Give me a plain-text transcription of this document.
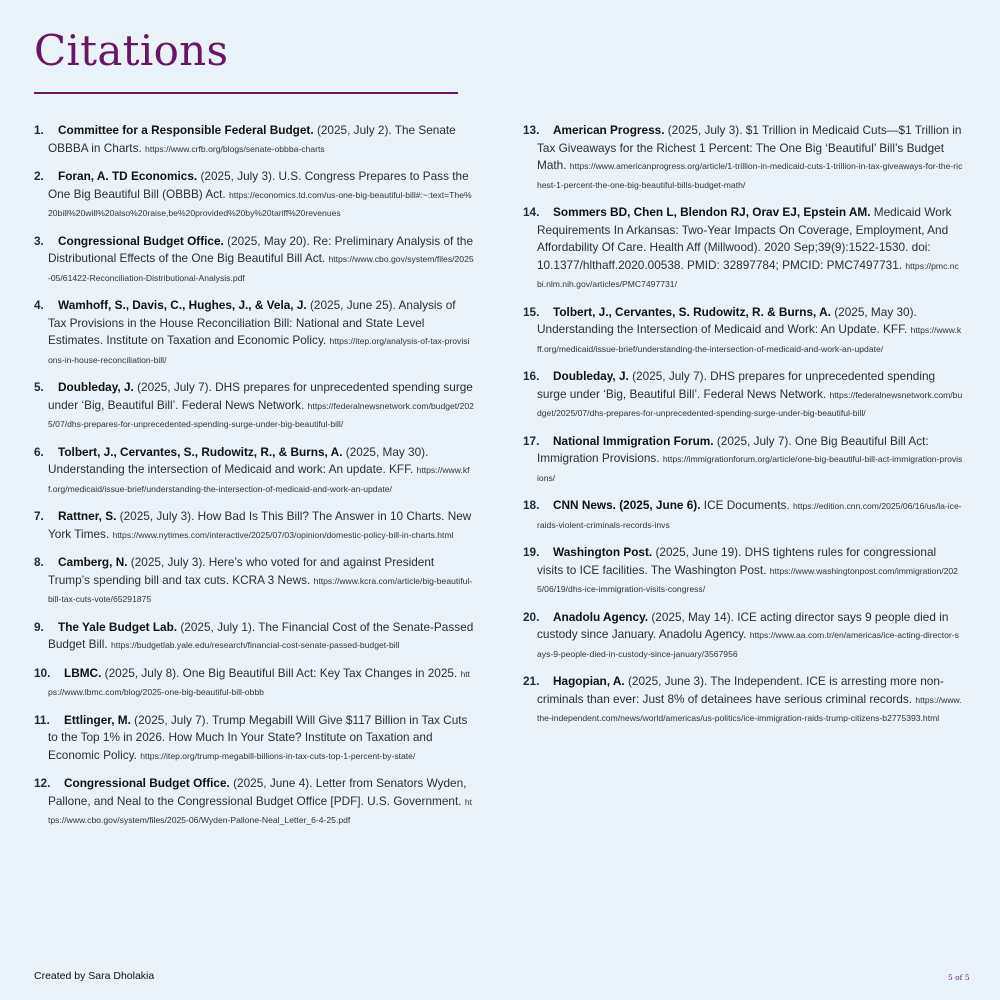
Citations
1.	Committee for a Responsible Federal Budget. (2025, July 2). The Senate OBBBA in Charts. https://www.crfb.org/blogs/senate-obbba-charts
2.	Foran, A. TD Economics. (2025, July 3). U.S. Congress Prepares to Pass the One Big Beautiful Bill (OBBB) Act. https://economics.td.com/us-one-big-beautiful-bill#:~:text=The%20bill%20will%20also%20raise,be%20provided%20by%20tariff%20revenues
3.	Congressional Budget Office. (2025, May 20). Re: Preliminary Analysis of the Distributional Effects of the One Big Beautiful Bill Act. https://www.cbo.gov/system/files/2025-05/61422-Reconciliation-Distributional-Analysis.pdf
4.	Wamhoff, S., Davis, C., Hughes, J., & Vela, J. (2025, June 25). Analysis of Tax Provisions in the House Reconciliation Bill: National and State Level Estimates. Institute on Taxation and Economic Policy. https://itep.org/analysis-of-tax-provisions-in-house-reconciliation-bill/
5.	Doubleday, J. (2025, July 7). DHS prepares for unprecedented spending surge under ‘Big, Beautiful Bill’. Federal News Network. https://federalnewsnetwork.com/budget/2025/07/dhs-prepares-for-unprecedented-spending-surge-under-big-beautiful-bill/
6.	Tolbert, J., Cervantes, S., Rudowitz, R., & Burns, A. (2025, May 30). Understanding the intersection of Medicaid and work: An update. KFF. https://www.kff.org/medicaid/issue-brief/understanding-the-intersection-of-medicaid-and-work-an-update/
7.	Rattner, S. (2025, July 3). How Bad Is This Bill? The Answer in 10 Charts. New York Times. https://www.nytimes.com/interactive/2025/07/03/opinion/domestic-policy-bill-in-charts.html
8.	Camberg, N. (2025, July 3). Here’s who voted for and against President Trump’s spending bill and tax cuts. KCRA 3 News. https://www.kcra.com/article/big-beautiful-bill-tax-cuts-vote/65291875
9.	The Yale Budget Lab. (2025, July 1). The Financial Cost of the Senate-Passed Budget Bill. https://budgetlab.yale.edu/research/financial-cost-senate-passed-budget-bill
10.	LBMC. (2025, July 8). One Big Beautiful Bill Act: Key Tax Changes in 2025. https://www.lbmc.com/blog/2025-one-big-beautiful-bill-obbb
11.	Ettlinger, M. (2025, July 7). Trump Megabill Will Give $117 Billion in Tax Cuts to the Top 1% in 2026. How Much In Your State? Institute on Taxation and Economic Policy. https://itep.org/trump-megabill-billions-in-tax-cuts-top-1-percent-by-state/
12.	Congressional Budget Office. (2025, June 4). Letter from Senators Wyden, Pallone, and Neal to the Congressional Budget Office [PDF]. U.S. Government. https://www.cbo.gov/system/files/2025-06/Wyden-Pallone-Neal_Letter_6-4-25.pdf
13.	American Progress. (2025, July 3). $1 Trillion in Medicaid Cuts—$1 Trillion in Tax Giveaways for the Richest 1 Percent: The One Big ‘Beautiful’ Bill’s Budget Math. https://www.americanprogress.org/article/1-trillion-in-medicaid-cuts-1-trillion-in-tax-giveaways-for-the-richest-1-percent-the-one-big-beautiful-bills-budget-math/
14.	Sommers BD, Chen L, Blendon RJ, Orav EJ, Epstein AM. Medicaid Work Requirements In Arkansas: Two-Year Impacts On Coverage, Employment, And Affordability Of Care. Health Aff (Millwood). 2020 Sep;39(9):1522-1530. doi: 10.1377/hlthaff.2020.00538. PMID: 32897784; PMCID: PMC7497731. https://pmc.ncbi.nlm.nih.gov/articles/PMC7497731/
15.	Tolbert, J., Cervantes, S. Rudowitz, R. & Burns, A. (2025, May 30). Understanding the Intersection of Medicaid and Work: An Update. KFF. https://www.kff.org/medicaid/issue-brief/understanding-the-intersection-of-medicaid-and-work-an-update/
16.	Doubleday, J. (2025, July 7). DHS prepares for unprecedented spending surge under ‘Big, Beautiful Bill’. Federal News Network. https://federalnewsnetwork.com/budget/2025/07/dhs-prepares-for-unprecedented-spending-surge-under-big-beautiful-bill/
17.	National Immigration Forum. (2025, July 7). One Big Beautiful Bill Act: Immigration Provisions. https://immigrationforum.org/article/one-big-beautiful-bill-act-immigration-provisions/
18.	CNN News. (2025, June 6). ICE Documents. https://edition.cnn.com/2025/06/16/us/la-ice-raids-violent-criminals-records-invs
19.	Washington Post. (2025, June 19). DHS tightens rules for congressional visits to ICE facilities. The Washington Post. https://www.washingtonpost.com/immigration/2025/06/19/dhs-ice-immigration-visits-congress/
20.	Anadolu Agency. (2025, May 14). ICE acting director says 9 people died in custody since January. Anadolu Agency. https://www.aa.com.tr/en/americas/ice-acting-director-says-9-people-died-in-custody-since-january/3567956
21.	Hagopian, A. (2025, June 3). The Independent. ICE is arresting more non-criminals than ever: Just 8% of detainees have serious criminal records. https://www.the-independent.com/news/world/americas/us-politics/ice-immigration-raids-trump-citizens-b2775393.html
Created by Sara Dholakia	5 of 5
